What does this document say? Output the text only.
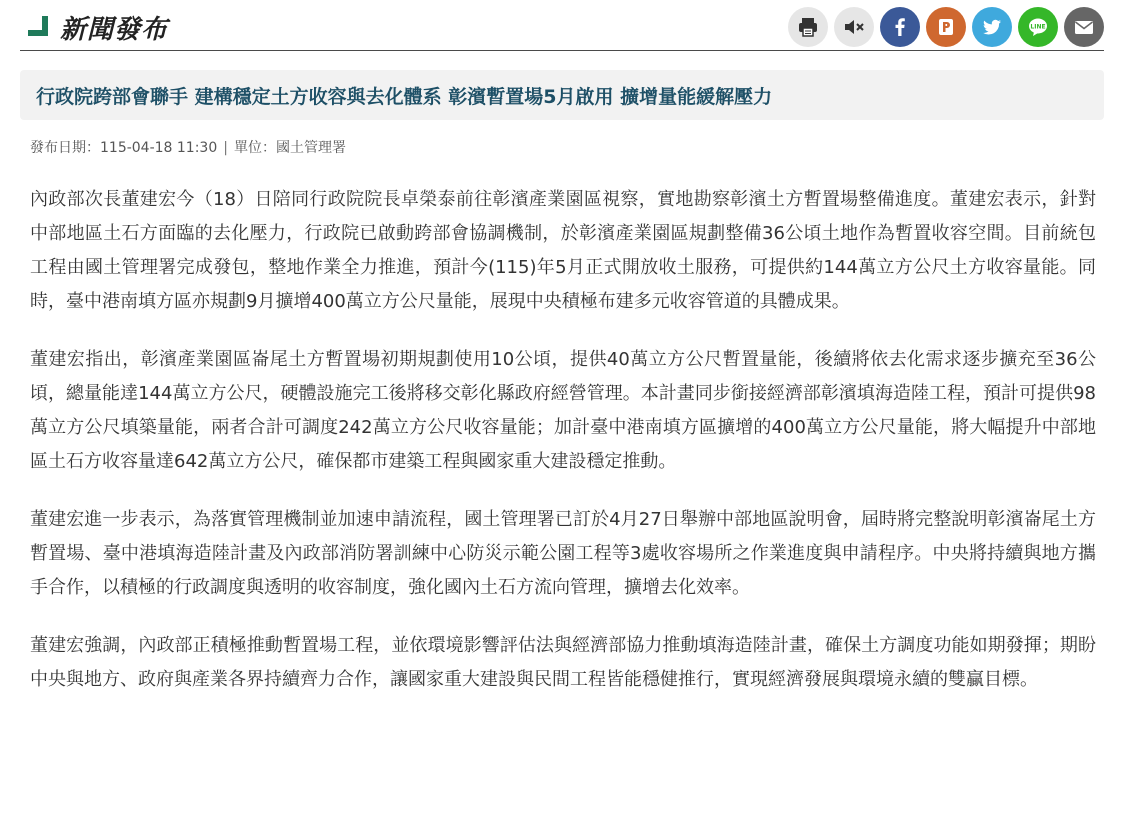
新聞發布	LINE
行政院跨部會聯手 建構穩定土方收容與去化體系 彰濱暫置場5月啟用 擴增量能緩解壓力
發布日期：115-04-18 11:30 | 單位：國土管理署

內政部次長董建宏今（18）日陪同行政院院長卓榮泰前往彰濱產業園區視察，實地勘察彰濱土方暫置場整備進度。董建宏表示，針對中部地區土石方面臨的去化壓力，行政院已啟動跨部會協調機制，於彰濱產業園區規劃整備36公頃土地作為暫置收容空間。目前統包工程由國土管理署完成發包，整地作業全力推進，預計今(115)年5月正式開放收土服務，可提供約144萬立方公尺土方收容量能。同時，臺中港南填方區亦規劃9月擴增400萬立方公尺量能，展現中央積極布建多元收容管道的具體成果。

董建宏指出，彰濱產業園區崙尾土方暫置場初期規劃使用10公頃，提供40萬立方公尺暫置量能，後續將依去化需求逐步擴充至36公頃，總量能達144萬立方公尺，硬體設施完工後將移交彰化縣政府經營管理。本計畫同步銜接經濟部彰濱填海造陸工程，預計可提供98萬立方公尺填築量能，兩者合計可調度242萬立方公尺收容量能；加計臺中港南填方區擴增的400萬立方公尺量能，將大幅提升中部地區土石方收容量達642萬立方公尺，確保都市建築工程與國家重大建設穩定推動。

董建宏進一步表示，為落實管理機制並加速申請流程，國土管理署已訂於4月27日舉辦中部地區說明會，屆時將完整說明彰濱崙尾土方暫置場、臺中港填海造陸計畫及內政部消防署訓練中心防災示範公園工程等3處收容場所之作業進度與申請程序。中央將持續與地方攜手合作，以積極的行政調度與透明的收容制度，強化國內土石方流向管理，擴增去化效率。

董建宏強調，內政部正積極推動暫置場工程，並依環境影響評估法與經濟部協力推動填海造陸計畫，確保土方調度功能如期發揮；期盼中央與地方、政府與產業各界持續齊力合作，讓國家重大建設與民間工程皆能穩健推行，實現經濟發展與環境永續的雙贏目標。
